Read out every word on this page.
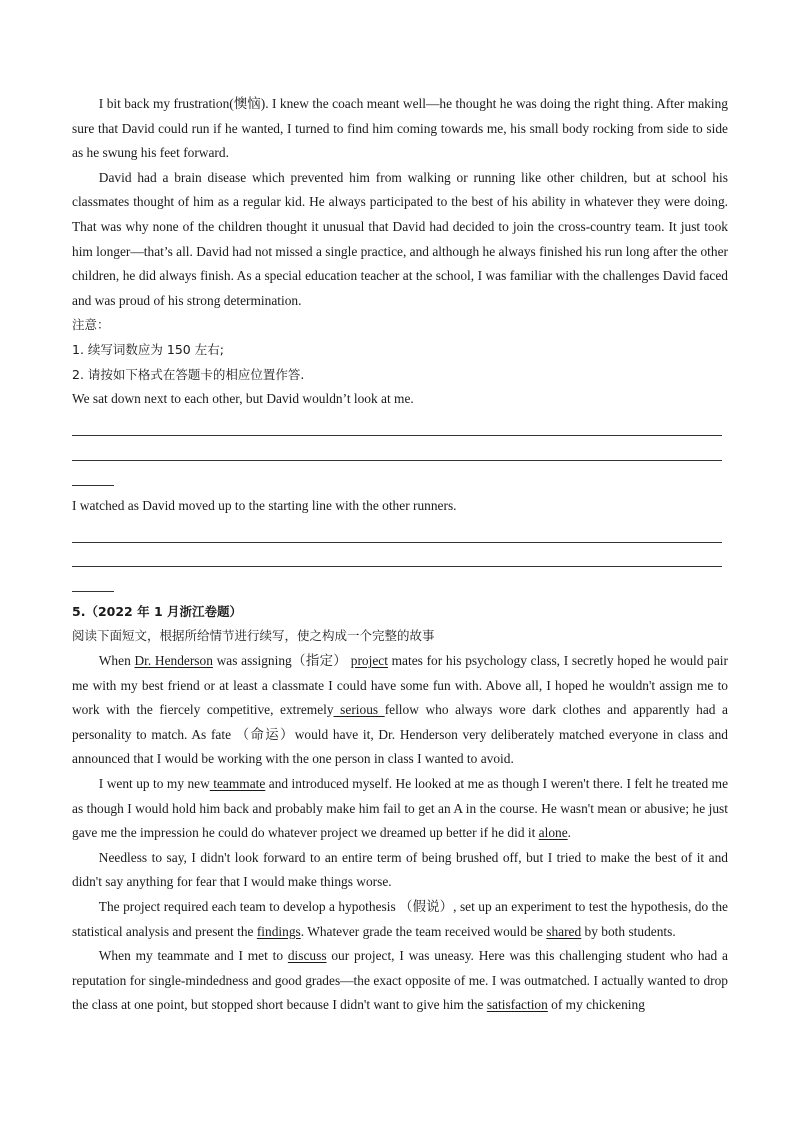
I bit back my frustration(懊恼). I knew the coach meant well—he thought he was doing the right thing. After making sure that David could run if he wanted, I turned to find him coming towards me, his small body rocking from side to side as he swung his feet forward.

David had a brain disease which prevented him from walking or running like other children, but at school his classmates thought of him as a regular kid. He always participated to the best of his ability in whatever they were doing. That was why none of the children thought it unusual that David had decided to join the cross-country team. It just took him longer—that’s all. David had not missed a single practice, and although he always finished his run long after the other children, he did always finish. As a special education teacher at the school, I was familiar with the challenges David faced and was proud of his strong determination.

注意：

1. 续写词数应为 150 左右;

2. 请按如下格式在答题卡的相应位置作答.

We sat down next to each other, but David wouldn’t look at me.

I watched as David moved up to the starting line with the other runners.

5.（2022 年 1 月浙江卷题）

阅读下面短文，根据所给情节进行续写，使之构成一个完整的故事

When Dr. Henderson was assigning（指定） project mates for his psychology class, I secretly hoped he would pair me with my best friend or at least a classmate I could have some fun with. Above all, I hoped he wouldn't assign me to work with the fiercely competitive, extremely serious fellow who always wore dark clothes and apparently had a personality to match. As fate （命运）would have it, Dr. Henderson very deliberately matched everyone in class and announced that I would be working with the one person in class I wanted to avoid.

I went up to my new teammate and introduced myself. He looked at me as though I weren't there. I felt he treated me as though I would hold him back and probably make him fail to get an A in the course. He wasn't mean or abusive; he just gave me the impression he could do whatever project we dreamed up better if he did it alone.

Needless to say, I didn't look forward to an entire term of being brushed off, but I tried to make the best of it and didn't say anything for fear that I would make things worse.

The project required each team to develop a hypothesis （假说）, set up an experiment to test the hypothesis, do the statistical analysis and present the findings. Whatever grade the team received would be shared by both students.

When my teammate and I met to discuss our project, I was uneasy. Here was this challenging student who had a reputation for single-mindedness and good grades—the exact opposite of me. I was outmatched. I actually wanted to drop the class at one point, but stopped short because I didn't want to give him the satisfaction of my chickening
